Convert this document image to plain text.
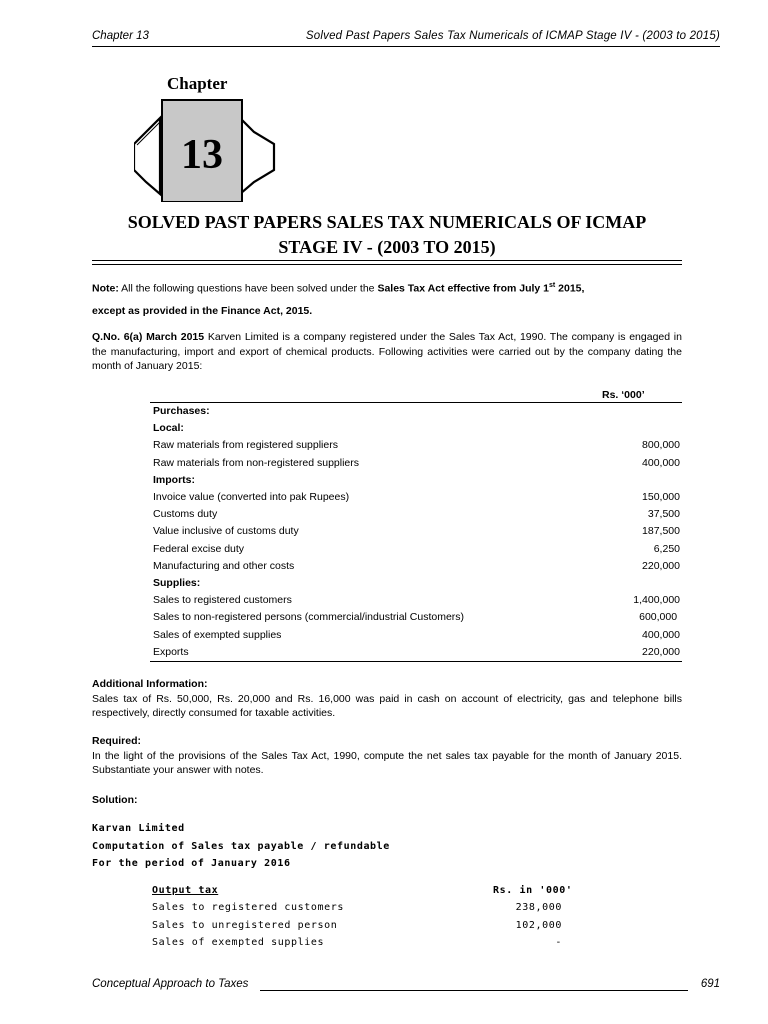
Chapter 13	Solved Past Papers Sales Tax Numericals of ICMAP Stage IV - (2003 to 2015)
Chapter
13
SOLVED PAST PAPERS SALES TAX NUMERICALS OF ICMAP
STAGE IV - (2003 TO 2015)
Note: All the following questions have been solved under the Sales Tax Act effective from July 1st 2015,
except as provided in the Finance Act, 2015.
Q.No. 6(a) March 2015 Karven Limited is a company registered under the Sales Tax Act, 1990. The company is engaged in the manufacturing, import and export of chemical products. Following activities were carried out by the company dating the month of January 2015:
Rs. ‘000’
Purchases:
Local:
Raw materials from registered suppliers	800,000
Raw materials from non-registered suppliers	400,000
Imports:
Invoice value (converted into pak Rupees)	150,000
Customs duty	37,500
Value inclusive of customs duty	187,500
Federal excise duty	6,250
Manufacturing and other costs	220,000
Supplies:
Sales to registered customers	1,400,000
Sales to non-registered persons (commercial/industrial Customers)	600,000
Sales of exempted supplies	400,000
Exports	220,000
Additional Information:
Sales tax of Rs. 50,000, Rs. 20,000 and Rs. 16,000 was paid in cash on account of electricity, gas and telephone bills respectively, directly consumed for taxable activities.
Required:
In the light of the provisions of the Sales Tax Act, 1990, compute the net sales tax payable for the month of January 2015. Substantiate your answer with notes.
Solution:
Karvan Limited
Computation of Sales tax payable / refundable
For the period of January 2016
Output tax	Rs. in '000'
Sales to registered customers	238,000
Sales to unregistered person	102,000
Sales of exempted supplies	-
Conceptual Approach to Taxes	691
